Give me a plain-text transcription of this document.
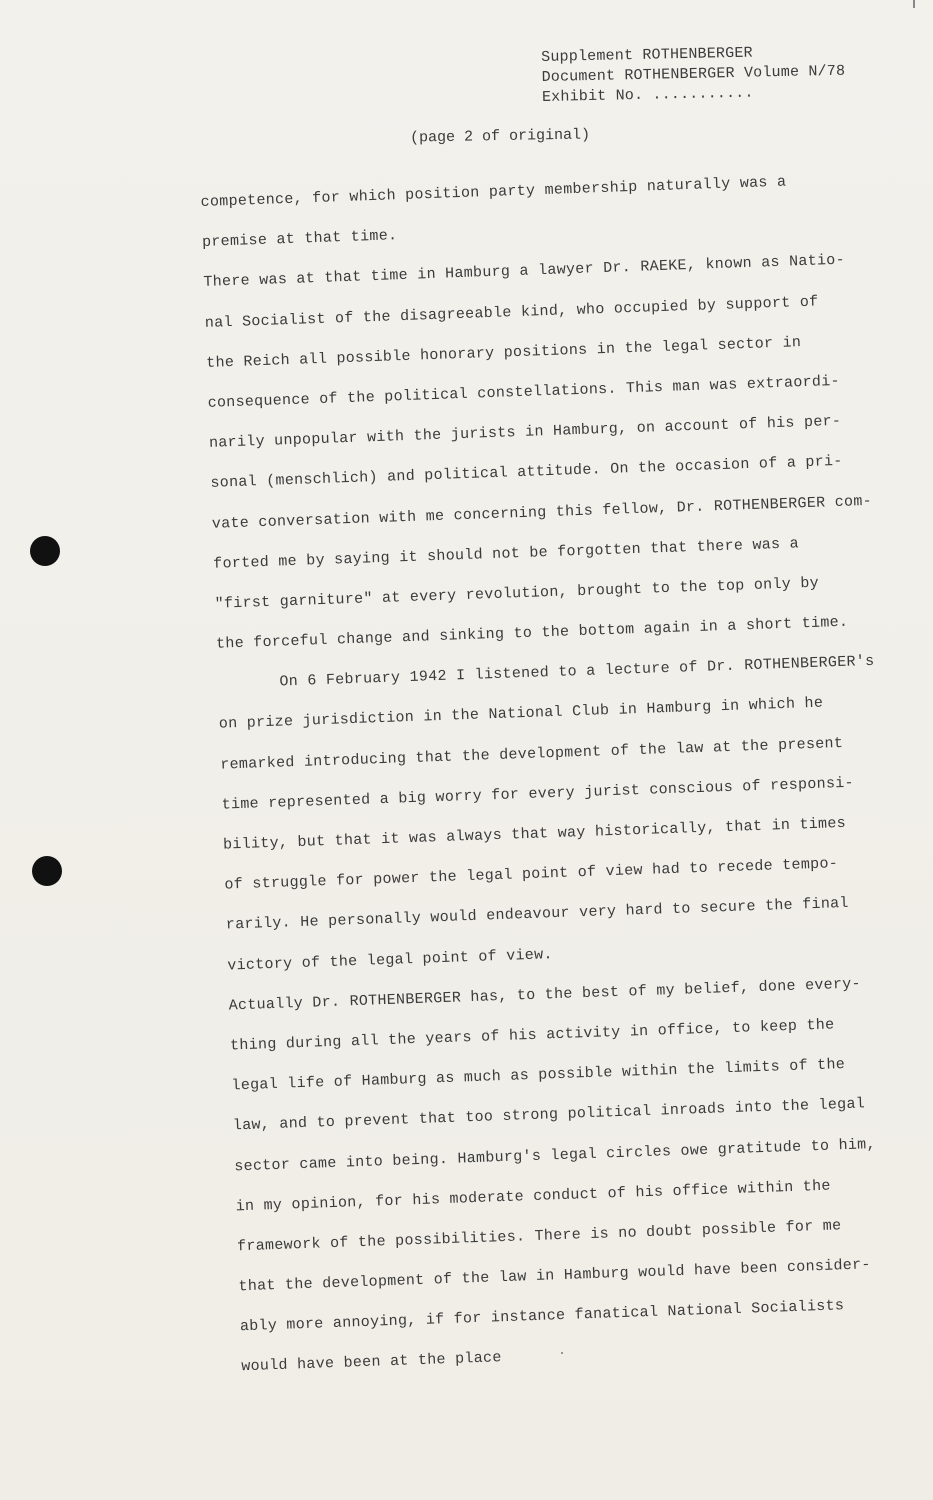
Supplement ROTHENBERGER
Document ROTHENBERGER Volume N/78
Exhibit No. ...........
(page 2 of original)
competence, for which position party membership naturally was a
premise at that time.
There was at that time in Hamburg a lawyer Dr. RAEKE, known as Natio-
nal Socialist of the disagreeable kind, who occupied by support of
the Reich all possible honorary positions in the legal sector in
consequence of the political constellations. This man was extraordi-
narily unpopular with the jurists in Hamburg, on account of his per-
sonal (menschlich) and political attitude. On the occasion of a pri-
vate conversation with me concerning this fellow, Dr. ROTHENBERGER com-
forted me by saying it should not be forgotten that there was a
"first garniture" at every revolution, brought to the top only by
the forceful change and sinking to the bottom again in a short time.
On 6 February 1942 I listened to a lecture of Dr. ROTHENBERGER's
on prize jurisdiction in the National Club in Hamburg in which he
remarked introducing that the development of the law at the present
time represented a big worry for every jurist conscious of responsi-
bility, but that it was always that way historically, that in times
of struggle for power the legal point of view had to recede tempo-
rarily. He personally would endeavour very hard to secure the final
victory of the legal point of view.
Actually Dr. ROTHENBERGER has, to the best of my belief, done every-
thing during all the years of his activity in office, to keep the
legal life of Hamburg as much as possible within the limits of the
law, and to prevent that too strong political inroads into the legal
sector came into being. Hamburg's legal circles owe gratitude to him,
in my opinion, for his moderate conduct of his office within the
framework of the possibilities. There is no doubt possible for me
that the development of the law in Hamburg would have been consider-
ably more annoying, if for instance fanatical National Socialists
would have been at the place
